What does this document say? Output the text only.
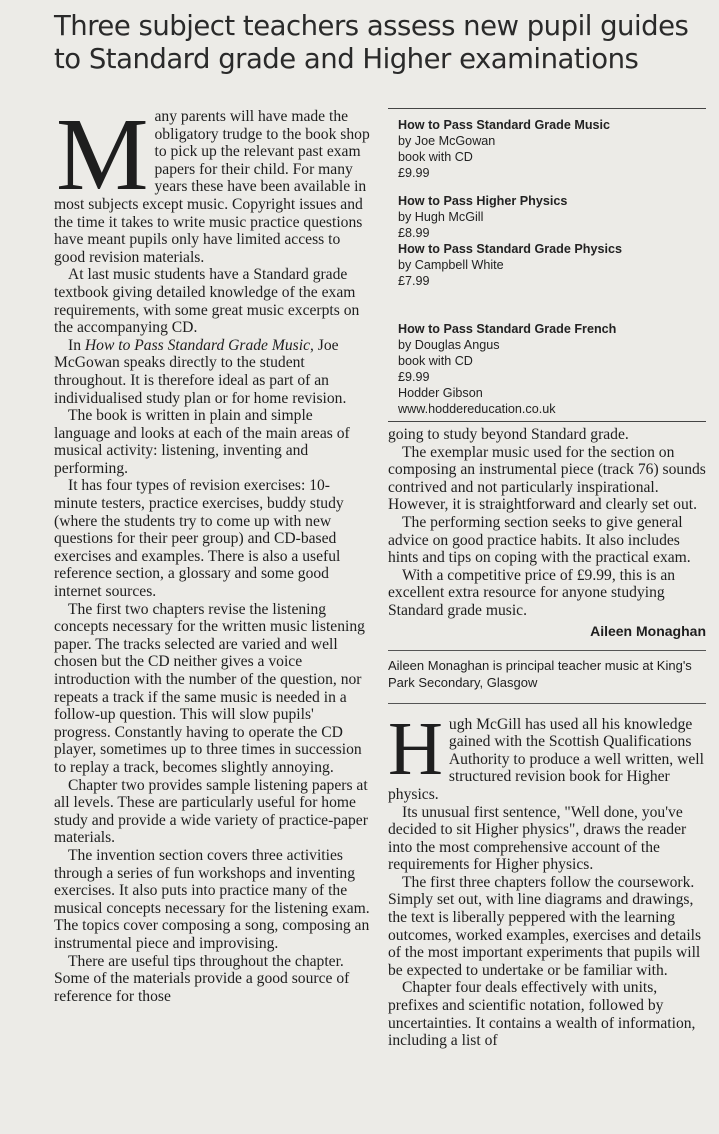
Three subject teachers assess new pupil guides to Standard grade and Higher examinations

M any parents will have made the obligatory trudge to the book shop to pick up the relevant past exam papers for their child. For many years these have been available in most subjects except music. Copyright issues and the time it takes to write music practice questions have meant pupils only have limited access to good revision materials.

At last music students have a Standard grade textbook giving detailed knowledge of the exam requirements, with some great music excerpts on the accompanying CD.

In How to Pass Standard Grade Music, Joe McGowan speaks directly to the student throughout. It is therefore ideal as part of an individualised study plan or for home revision.

The book is written in plain and simple language and looks at each of the main areas of musical activity: listening, inventing and performing.

It has four types of revision exercises: 10-minute testers, practice exercises, buddy study (where the students try to come up with new questions for their peer group) and CD-based exercises and examples. There is also a useful reference section, a glossary and some good internet sources.

The first two chapters revise the listening concepts necessary for the written music listening paper. The tracks selected are varied and well chosen but the CD neither gives a voice introduction with the number of the question, nor repeats a track if the same music is needed in a follow-up question. This will slow pupils' progress. Constantly having to operate the CD player, sometimes up to three times in succession to replay a track, becomes slightly annoying.

Chapter two provides sample listening papers at all levels. These are particularly useful for home study and provide a wide variety of practice-paper materials.

The invention section covers three activities through a series of fun workshops and inventing exercises. It also puts into practice many of the musical concepts necessary for the listening exam. The topics cover composing a song, composing an instrumental piece and improvising.

There are useful tips throughout the chapter. Some of the materials provide a good source of reference for those

How to Pass Standard Grade Music
by Joe McGowan
book with CD
£9.99
How to Pass Higher Physics
by Hugh McGill
£8.99
How to Pass Standard Grade Physics
by Campbell White
£7.99
How to Pass Standard Grade French
by Douglas Angus
book with CD
£9.99
Hodder Gibson
www.hoddereducation.co.uk

going to study beyond Standard grade.

The exemplar music used for the section on composing an instrumental piece (track 76) sounds contrived and not particularly inspirational. However, it is straightforward and clearly set out.

The performing section seeks to give general advice on good practice habits. It also includes hints and tips on coping with the practical exam.

With a competitive price of £9.99, this is an excellent extra resource for anyone studying Standard grade music.

Aileen Monaghan
Aileen Monaghan is principal teacher music at King's Park Secondary, Glasgow

H ugh McGill has used all his knowledge gained with the Scottish Qualifications Authority to produce a well written, well structured revision book for Higher physics.

Its unusual first sentence, "Well done, you've decided to sit Higher physics", draws the reader into the most comprehensive account of the requirements for Higher physics.

The first three chapters follow the coursework. Simply set out, with line diagrams and drawings, the text is liberally peppered with the learning outcomes, worked examples, exercises and details of the most important experiments that pupils will be expected to undertake or be familiar with.

Chapter four deals effectively with units, prefixes and scientific notation, followed by uncertainties. It contains a wealth of information, including a list of
